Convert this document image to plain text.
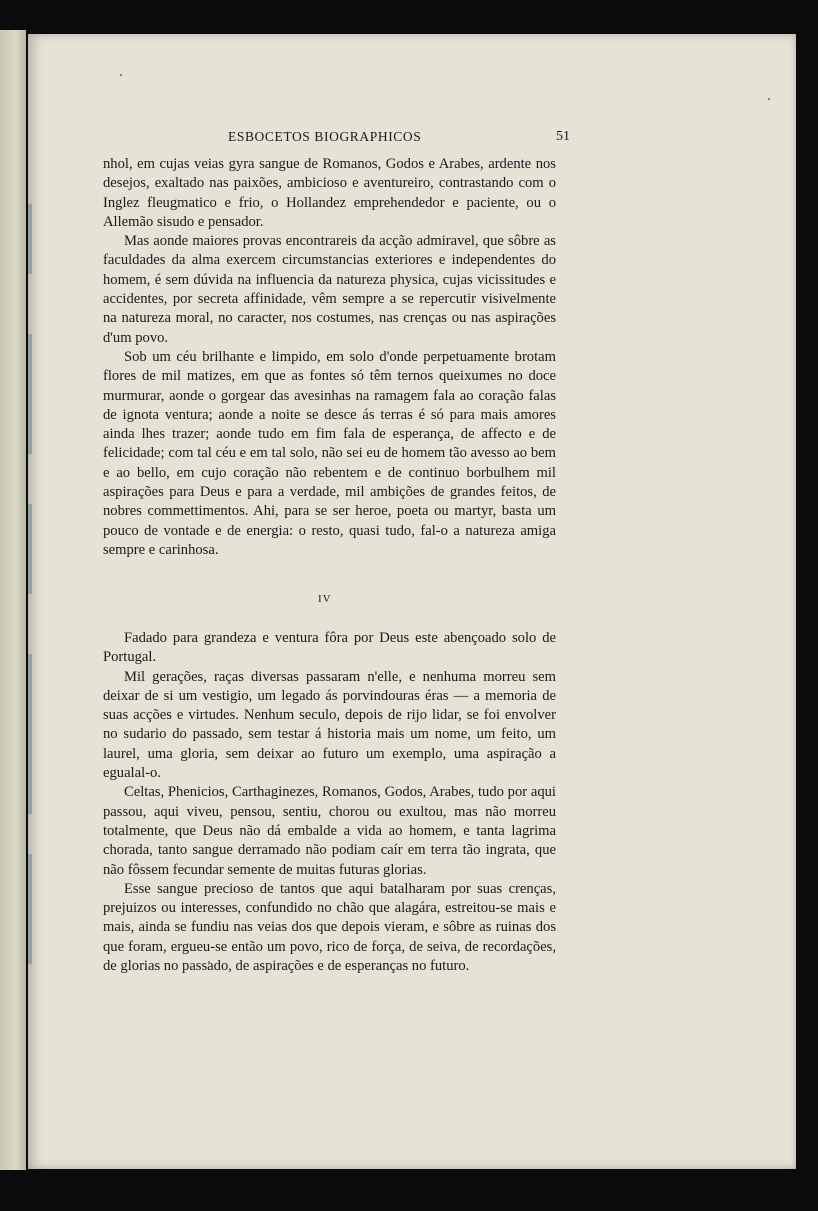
ESBOCETOS BIOGRAPHICOS	51

nhol, em cujas veias gyra sangue de Romanos, Godos e Arabes, ardente nos desejos, exaltado nas paixões, ambicioso e aventureiro, contrastando com o Inglez fleugmatico e frio, o Hollandez emprehendedor e paciente, ou o Allemão sisudo e pensador.

Mas aonde maiores provas encontrareis da acção admiravel, que sôbre as faculdades da alma exercem circumstancias exteriores e independentes do homem, é sem dúvida na influencia da natureza physica, cujas vicissitudes e accidentes, por secreta affinidade, vêm sempre a se repercutir visivelmente na natureza moral, no caracter, nos costumes, nas crenças ou nas aspirações d'um povo.

Sob um céu brilhante e limpido, em solo d'onde perpetuamente brotam flores de mil matizes, em que as fontes só têm ternos queixumes no doce murmurar, aonde o gorgear das avesinhas na ramagem fala ao coração falas de ignota ventura; aonde a noite se desce ás terras é só para mais amores ainda lhes trazer; aonde tudo em fim fala de esperança, de affecto e de felicidade; com tal céu e em tal solo, não sei eu de homem tão avesso ao bem e ao bello, em cujo coração não rebentem e de continuo borbulhem mil aspirações para Deus e para a verdade, mil ambições de grandes feitos, de nobres commettimentos. Ahi, para se ser heroe, poeta ou martyr, basta um pouco de vontade e de energia: o resto, quasi tudo, fal-o a natureza amiga sempre e carinhosa.

IV

Fadado para grandeza e ventura fôra por Deus este abençoado solo de Portugal.

Mil gerações, raças diversas passaram n'elle, e nenhuma morreu sem deixar de si um vestigio, um legado ás porvindouras éras — a memoria de suas acções e virtudes. Nenhum seculo, depois de rijo lidar, se foi envolver no sudario do passado, sem testar á historia mais um nome, um feito, um laurel, uma gloria, sem deixar ao futuro um exemplo, uma aspiração a egualal-o.

Celtas, Phenicios, Carthaginezes, Romanos, Godos, Arabes, tudo por aqui passou, aqui viveu, pensou, sentiu, chorou ou exultou, mas não morreu totalmente, que Deus não dá embalde a vida ao homem, e tanta lagrima chorada, tanto sangue derramado não podiam caír em terra tão ingrata, que não fôssem fecundar semente de muitas futuras glorias.

Esse sangue precioso de tantos que aqui batalharam por suas crenças, prejuizos ou interesses, confundido no chão que alagára, estreitou-se mais e mais, ainda se fundiu nas veias dos que depois vieram, e sôbre as ruinas dos que foram, ergueu-se então um povo, rico de força, de seiva, de recordações, de glorias no passado, de aspirações e de esperanças no futuro.
